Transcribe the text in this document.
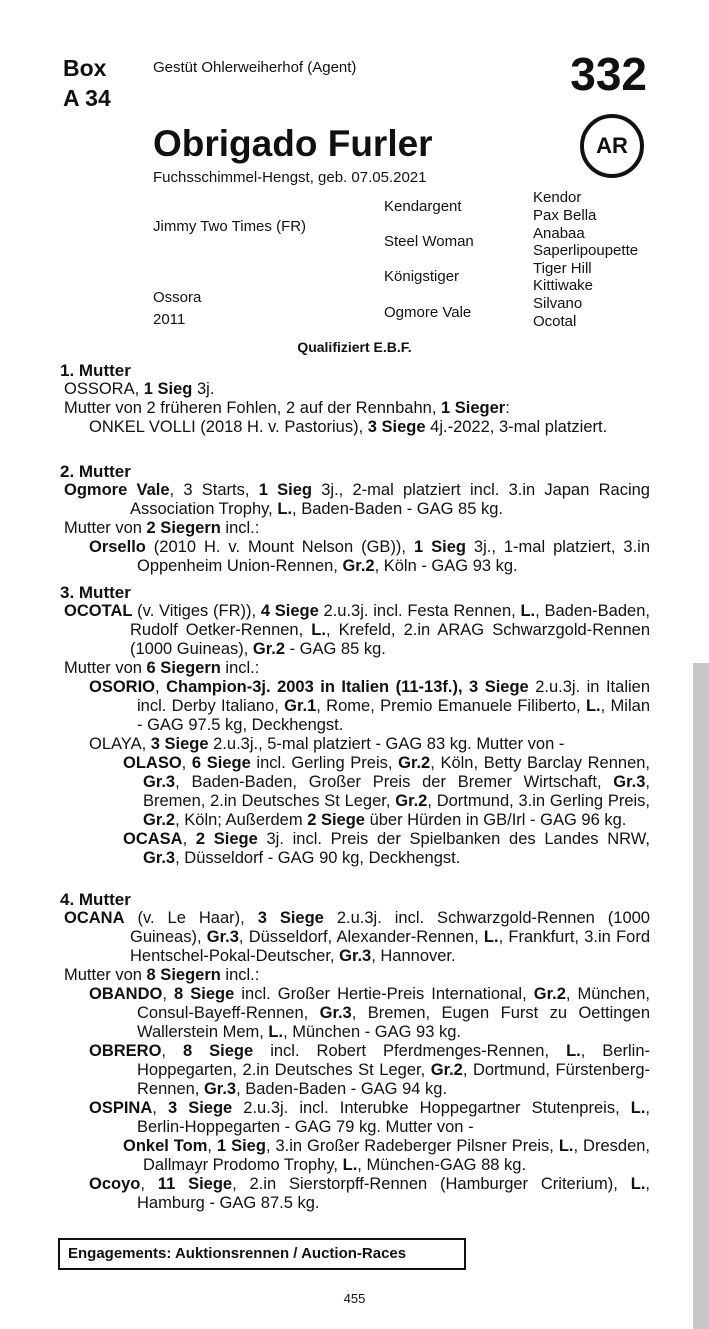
Box
A 34
Gestüt Ohlerweiherhof (Agent)	332
Obrigado Furler	AR
Fuchsschimmel-Hengst, geb. 07.05.2021
Jimmy Two Times (FR)
Ossora
2011
Kendargent
Steel Woman
Königstiger
Ogmore Vale
Kendor
Pax Bella
Anabaa
Saperlipoupette
Tiger Hill
Kittiwake
Silvano
Ocotal
Qualifiziert E.B.F.
1. Mutter

OSSORA, 1 Sieg 3j.

Mutter von 2 früheren Fohlen, 2 auf der Rennbahn, 1 Sieger:

ONKEL VOLLI (2018 H. v. Pastorius), 3 Siege 4j.-2022, 3-mal platziert.

2. Mutter

Ogmore Vale, 3 Starts, 1 Sieg 3j., 2-mal platziert incl. 3.in Japan Racing Association Trophy, L., Baden-Baden - GAG 85 kg.

Mutter von 2 Siegern incl.:

Orsello (2010 H. v. Mount Nelson (GB)), 1 Sieg 3j., 1-mal platziert, 3.in Oppenheim Union-Rennen, Gr.2, Köln - GAG 93 kg.

3. Mutter

OCOTAL (v. Vitiges (FR)), 4 Siege 2.u.3j. incl. Festa Rennen, L., Baden-Baden, Rudolf Oetker-Rennen, L., Krefeld, 2.in ARAG Schwarzgold-Rennen (1000 Guineas), Gr.2 - GAG 85 kg.

Mutter von 6 Siegern incl.:

OSORIO, Champion-3j. 2003 in Italien (11-13f.), 3 Siege 2.u.3j. in Italien incl. Derby Italiano, Gr.1, Rome, Premio Emanuele Filiberto, L., Milan - GAG 97.5 kg, Deckhengst.

OLAYA, 3 Siege 2.u.3j., 5-mal platziert - GAG 83 kg. Mutter von -

OLASO, 6 Siege incl. Gerling Preis, Gr.2, Köln, Betty Barclay Rennen, Gr.3, Baden-Baden, Großer Preis der Bremer Wirtschaft, Gr.3, Bremen, 2.in Deutsches St Leger, Gr.2, Dortmund, 3.in Gerling Preis, Gr.2, Köln; Außerdem 2 Siege über Hürden in GB/Irl - GAG 96 kg.

OCASA, 2 Siege 3j. incl. Preis der Spielbanken des Landes NRW, Gr.3, Düsseldorf - GAG 90 kg, Deckhengst.

4. Mutter

OCANA (v. Le Haar), 3 Siege 2.u.3j. incl. Schwarzgold-Rennen (1000 Guineas), Gr.3, Düsseldorf, Alexander-Rennen, L., Frankfurt, 3.in Ford Hentschel-Pokal-Deutscher, Gr.3, Hannover.

Mutter von 8 Siegern incl.:

OBANDO, 8 Siege incl. Großer Hertie-Preis International, Gr.2, München, Consul-Bayeff-Rennen, Gr.3, Bremen, Eugen Furst zu Oettingen Wallerstein Mem, L., München - GAG 93 kg.

OBRERO, 8 Siege incl. Robert Pferdmenges-Rennen, L., Berlin-Hoppegarten, 2.in Deutsches St Leger, Gr.2, Dortmund, Fürstenberg-Rennen, Gr.3, Baden-Baden - GAG 94 kg.

OSPINA, 3 Siege 2.u.3j. incl. Interubke Hoppegartner Stutenpreis, L., Berlin-Hoppegarten - GAG 79 kg. Mutter von -

Onkel Tom, 1 Sieg, 3.in Großer Radeberger Pilsner Preis, L., Dresden, Dallmayr Prodomo Trophy, L., München-GAG 88 kg.

Ocoyo, 11 Siege, 2.in Sierstorpff-Rennen (Hamburger Criterium), L., Hamburg - GAG 87.5 kg.

Engagements: Auktionsrennen / Auction-Races
455
